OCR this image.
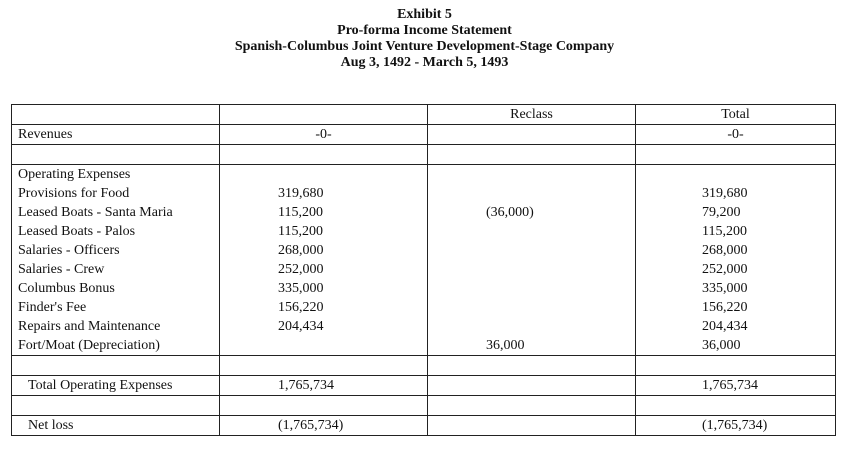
Exhibit 5
Pro-forma Income Statement
Spanish-Columbus Joint Venture Development-Stage Company
Aug 3, 1492 - March 5, 1493
		Reclass	Total
Revenues	-0-		-0-

Operating Expenses			
Provisions for Food	319,680		319,680
Leased Boats - Santa Maria	115,200	(36,000)	79,200
Leased Boats - Palos	115,200		115,200
Salaries - Officers	268,000		268,000
Salaries - Crew	252,000		252,000
Columbus Bonus	335,000		335,000
Finder's Fee	156,220		156,220
Repairs and Maintenance	204,434		204,434
Fort/Moat (Depreciation)		36,000	36,000

Total Operating Expenses	1,765,734		1,765,734

Net loss	(1,765,734)		(1,765,734)
